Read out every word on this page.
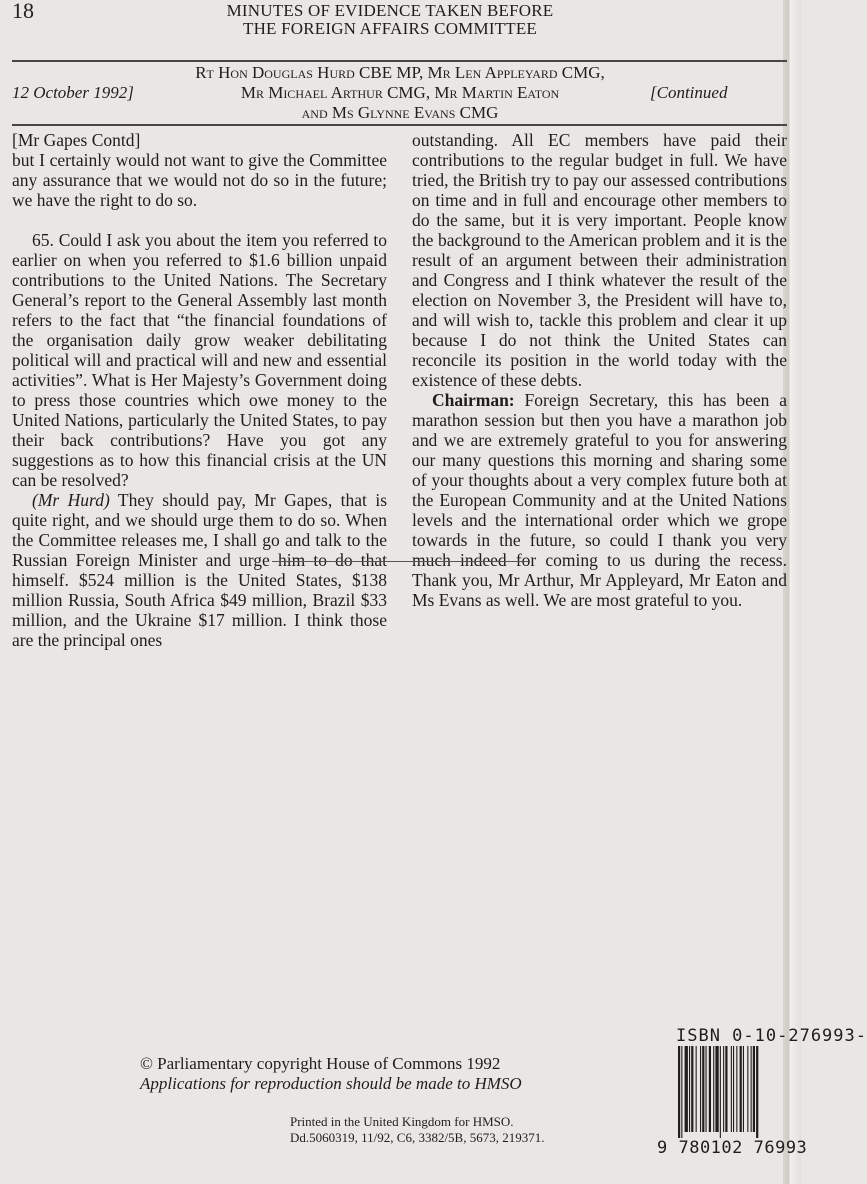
18	MINUTES OF EVIDENCE TAKEN BEFORE
THE FOREIGN AFFAIRS COMMITTEE
Rt Hon Douglas Hurd CBE MP, Mr Len Appleyard CMG,
Mr Michael Arthur CMG, Mr Martin Eaton
and Ms Glynne Evans CMG
12 October 1992]	[Continued

[Mr Gapes Contd]

but I certainly would not want to give the Committee any assurance that we would not do so in the future; we have the right to do so.

65. Could I ask you about the item you referred to earlier on when you referred to $1.6 billion unpaid contributions to the United Nations. The Secretary General’s report to the General Assembly last month refers to the fact that “the financial foundations of the organisation daily grow weaker debilitating political will and practical will and new and essential activities”. What is Her Majesty’s Government doing to press those countries which owe money to the United Nations, particularly the United States, to pay their back contributions? Have you got any suggestions as to how this financial crisis at the UN can be resolved?

(Mr Hurd) They should pay, Mr Gapes, that is quite right, and we should urge them to do so. When the Committee releases me, I shall go and talk to the Russian Foreign Minister and urge him to do that himself. $524 million is the United States, $138 million Russia, South Africa $49 million, Brazil $33 million, and the Ukraine $17 million. I think those are the principal ones

outstanding. All EC members have paid their contributions to the regular budget in full. We have tried, the British try to pay our assessed contributions on time and in full and encourage other members to do the same, but it is very important. People know the background to the American problem and it is the result of an argument between their administration and Congress and I think whatever the result of the election on November 3, the President will have to, and will wish to, tackle this problem and clear it up because I do not think the United States can reconcile its position in the world today with the existence of these debts.

Chairman: Foreign Secretary, this has been a marathon session but then you have a marathon job and we are extremely grateful to you for answering our many questions this morning and sharing some of your thoughts about a very complex future both at the European Community and at the United Nations levels and the international order which we grope towards in the future, so could I thank you very much indeed for coming to us during the recess. Thank you, Mr Arthur, Mr Appleyard, Mr Eaton and Ms Evans as well. We are most grateful to you.

© Parliamentary copyright House of Commons 1992
Applications for reproduction should be made to HMSO
Printed in the United Kingdom for HMSO.
Dd.5060319, 11/92, C6, 3382/5B, 5673, 219371.
ISBN 0-10-276993-
9 780102 76993
